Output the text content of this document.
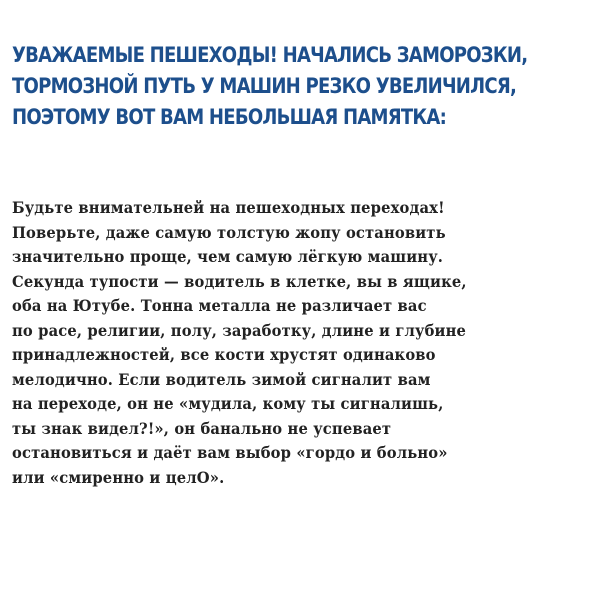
УВАЖАЕМЫЕ ПЕШЕХОДЫ! НАЧАЛИСЬ ЗАМОРОЗКИ,
ТОРМОЗНОЙ ПУТЬ У МАШИН РЕЗКО УВЕЛИЧИЛСЯ,
ПОЭТОМУ ВОТ ВАМ НЕБОЛЬШАЯ ПАМЯТКА:
Будьте внимательней на пешеходных переходах!
Поверьте, даже самую толстую жопу остановить
значительно проще, чем самую лёгкую машину.
Секунда тупости — водитель в клетке, вы в ящике,
оба на Ютубе. Тонна металла не различает вас
по расе, религии, полу, заработку, длине и глубине
принадлежностей, все кости хрустят одинаково
мелодично. Если водитель зимой сигналит вам
на переходе, он не «мудила, кому ты сигналишь,
ты знак видел?!», он банально не успевает
остановиться и даёт вам выбор «гордо и больно»
или «смиренно и целО».
